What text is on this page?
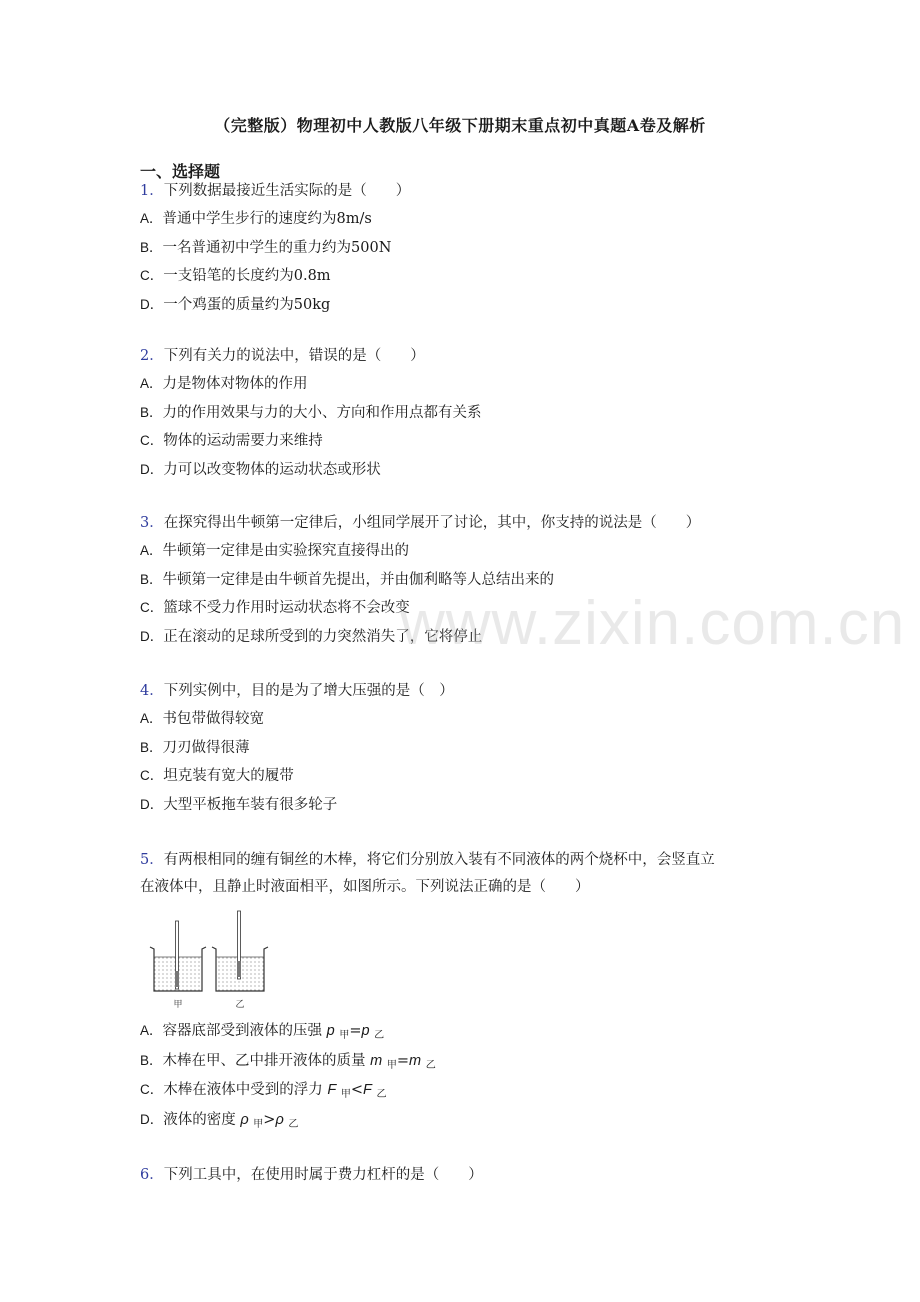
（完整版）物理初中人教版八年级下册期末重点初中真题A卷及解析
一、选择题
1．下列数据最接近生活实际的是（　　）
A．普通中学生步行的速度约为8m/s
B．一名普通初中学生的重力约为500N
C．一支铅笔的长度约为0.8m
D．一个鸡蛋的质量约为50kg
2．下列有关力的说法中，错误的是（　　）
A．力是物体对物体的作用
B．力的作用效果与力的大小、方向和作用点都有关系
C．物体的运动需要力来维持
D．力可以改变物体的运动状态或形状
3．在探究得出牛顿第一定律后，小组同学展开了讨论，其中，你支持的说法是（　　）
A．牛顿第一定律是由实验探究直接得出的
B．牛顿第一定律是由牛顿首先提出，并由伽利略等人总结出来的
C．篮球不受力作用时运动状态将不会改变
D．正在滚动的足球所受到的力突然消失了，它将停止
4．下列实例中，目的是为了增大压强的是（　）
A．书包带做得较宽
B．刀刃做得很薄
C．坦克装有宽大的履带
D．大型平板拖车装有很多轮子
5．有两根相同的缠有铜丝的木棒，将它们分别放入装有不同液体的两个烧杯中，会竖直立
在液体中，且静止时液面相平，如图所示。下列说法正确的是（　　）
甲	乙
A．容器底部受到液体的压强 p $_甲$=p $_乙$
B．木棒在甲、乙中排开液体的质量 m $_甲$=m $_乙$
C．木棒在液体中受到的浮力 F $_甲$<F $_乙$
D．液体的密度 ρ $_甲$>ρ $_乙$
6．下列工具中，在使用时属于费力杠杆的是（　　）
www.zixin.com.cn
